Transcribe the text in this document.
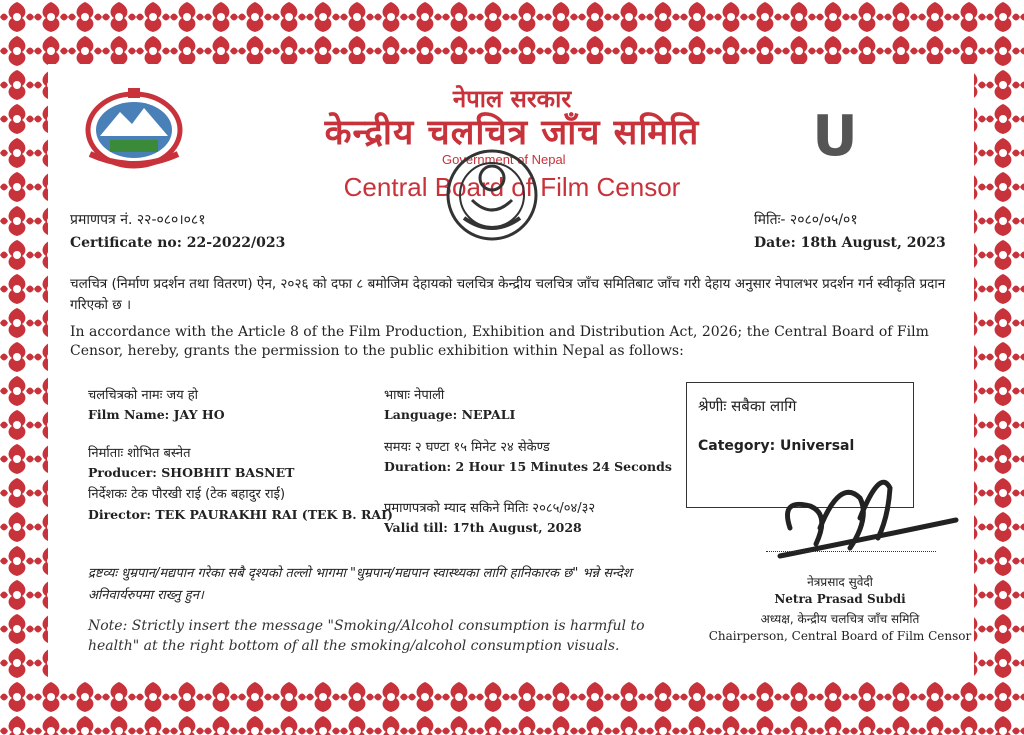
नेपाल सरकार
केन्द्रीय चलचित्र जाँच समिति
Government of Nepal
Central Board of Film Censor
U
प्रमाणपत्र नं. २२-०८०।०८१
Certificate no: 22-2022/023
मितिः- २०८०/०५/०१
Date: 18th August, 2023
चलचित्र (निर्माण प्रदर्शन तथा वितरण) ऐन, २०२६ को दफा ८ बमोजिम देहायको चलचित्र केन्द्रीय चलचित्र जाँच समितिबाट जाँच गरी देहाय अनुसार नेपालभर प्रदर्शन गर्न स्वीकृति प्रदान गरिएको छ ।
In accordance with the Article 8 of the Film Production, Exhibition and Distribution Act, 2026; the Central Board of Film Censor, hereby, grants the permission to the public exhibition within Nepal as follows:
चलचित्रको नामः जय हो
Film Name: JAY HO
निर्माताः शोभित बस्नेत
Producer: SHOBHIT BASNET
निर्देशकः टेक पौरखी राई (टेक बहादुर राई)
Director: TEK PAURAKHI RAI (TEK B. RAI)
भाषाः नेपाली
Language: NEPALI
समयः २ घण्टा १५ मिनेट २४ सेकेण्ड
Duration: 2 Hour 15 Minutes 24 Seconds
प्रमाणपत्रको म्याद सकिने मितिः २०८५/०४/३२
Valid till: 17th August, 2028
श्रेणीः सबैका लागि
Category: Universal
द्रष्टव्यः धुम्रपान/मद्यपान गरेका सबै दृश्यको तल्लो भागमा "धुम्रपान/मद्यपान स्वास्थ्यका लागि हानिकारक छ" भन्ने सन्देश अनिवार्यरुपमा राख्नु हुन।
Note: Strictly insert the message "Smoking/Alcohol consumption is harmful to health" at the right bottom of all the smoking/alcohol consumption visuals.
नेत्रप्रसाद सुवेदी
Netra Prasad Subdi
अध्यक्ष, केन्द्रीय चलचित्र जाँच समिति
Chairperson, Central Board of Film Censor
